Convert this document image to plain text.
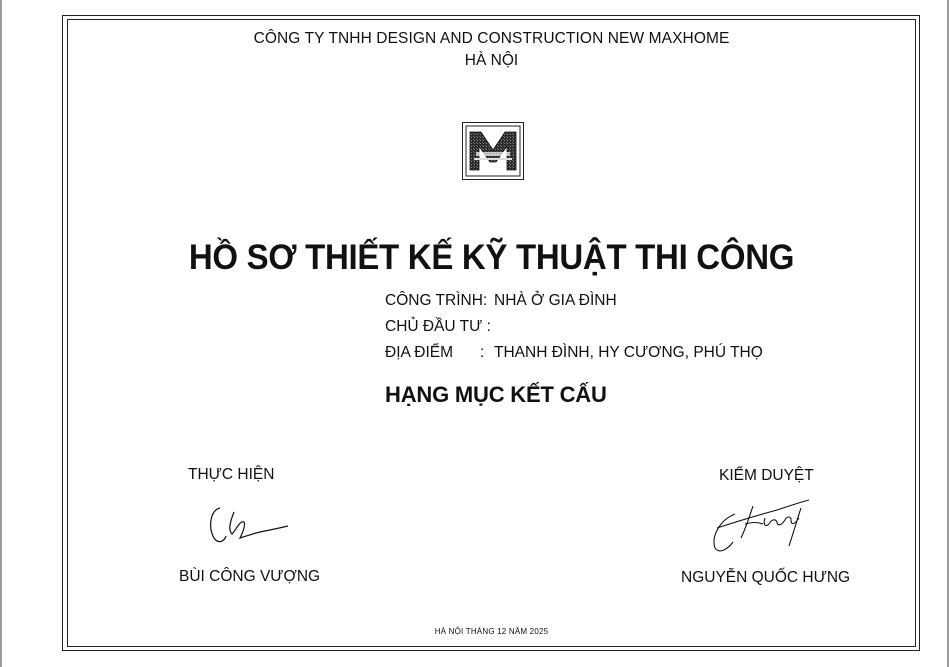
CÔNG TY TNHH DESIGN AND CONSTRUCTION NEW MAXHOME
HÀ NỘI
HỒ SƠ THIẾT KẾ KỸ THUẬT THI CÔNG
CÔNG TRÌNH: NHÀ Ở GIA ĐÌNH
CHỦ ĐẦU TƯ :
ĐỊA ĐIỂM : THANH ĐÌNH, HY CƯƠNG, PHÚ THỌ
HẠNG MỤC KẾT CẤU
THỰC HIỆN
BÙI CÔNG VƯỢNG
KIỂM DUYỆT
NGUYỄN QUỐC HƯNG
HÀ NỘI THÁNG 12 NĂM 2025
